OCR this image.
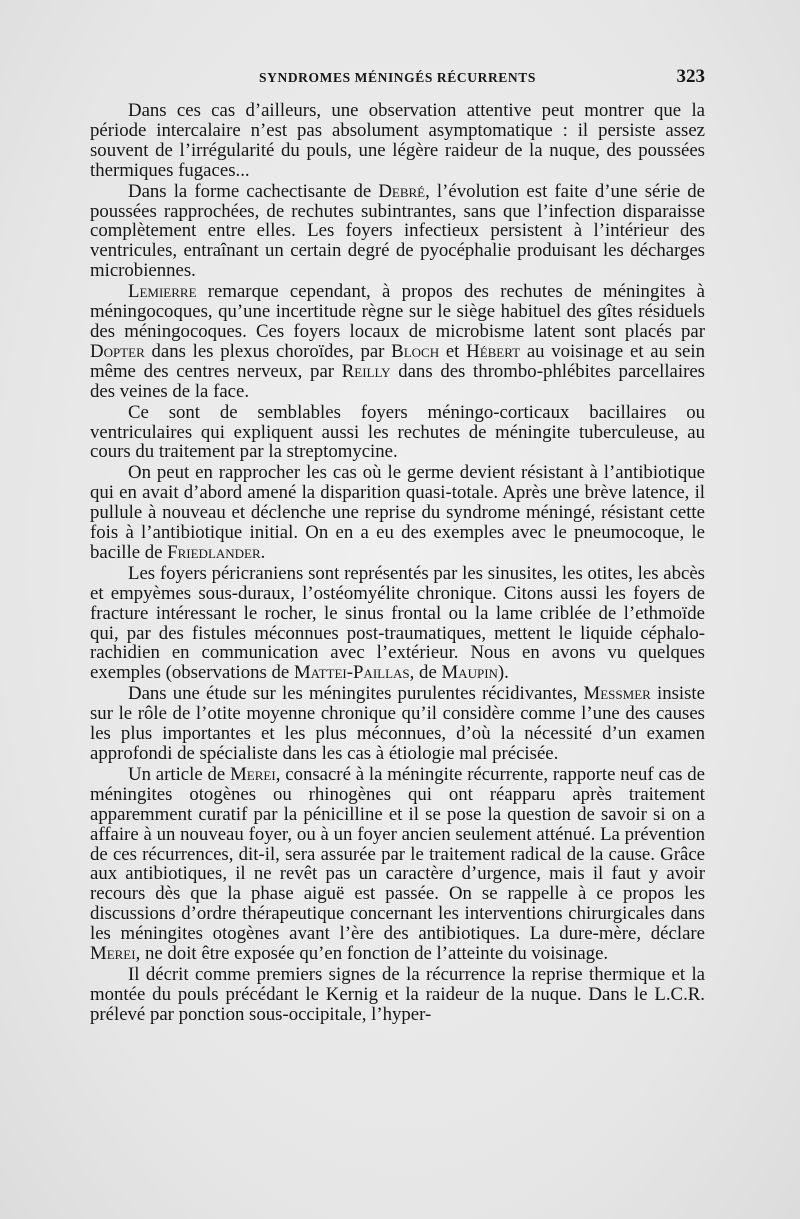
SYNDROMES MÉNINGÉS RÉCURRENTS	323

Dans ces cas d’ailleurs, une observation attentive peut montrer que la période intercalaire n’est pas absolument asymptomatique : il persiste assez souvent de l’irrégularité du pouls, une légère raideur de la nuque, des poussées thermiques fugaces...

Dans la forme cachectisante de Debré, l’évolution est faite d’une série de poussées rapprochées, de rechutes subintrantes, sans que l’infection disparaisse complètement entre elles. Les foyers infectieux persistent à l’intérieur des ventricules, entraînant un certain degré de pyocéphalie produisant les décharges microbiennes.

Lemierre remarque cependant, à propos des rechutes de méningites à méningocoques, qu’une incertitude règne sur le siège habituel des gîtes résiduels des méningocoques. Ces foyers locaux de microbisme latent sont placés par Dopter dans les plexus choroïdes, par Bloch et Hébert au voisinage et au sein même des centres nerveux, par Reilly dans des thrombo-phlébites parcellaires des veines de la face.

Ce sont de semblables foyers méningo-corticaux bacillaires ou ventriculaires qui expliquent aussi les rechutes de méningite tuberculeuse, au cours du traitement par la streptomycine.

On peut en rapprocher les cas où le germe devient résistant à l’antibiotique qui en avait d’abord amené la disparition quasi-totale. Après une brève latence, il pullule à nouveau et déclenche une reprise du syndrome méningé, résistant cette fois à l’antibiotique initial. On en a eu des exemples avec le pneumocoque, le bacille de Friedlander.

Les foyers péricraniens sont représentés par les sinusites, les otites, les abcès et empyèmes sous-duraux, l’ostéomyélite chronique. Citons aussi les foyers de fracture intéressant le rocher, le sinus frontal ou la lame criblée de l’ethmoïde qui, par des fistules méconnues post-traumatiques, mettent le liquide céphalo-rachidien en communication avec l’extérieur. Nous en avons vu quelques exemples (observations de Mattei-Paillas, de Maupin).

Dans une étude sur les méningites purulentes récidivantes, Messmer insiste sur le rôle de l’otite moyenne chronique qu’il considère comme l’une des causes les plus importantes et les plus méconnues, d’où la nécessité d’un examen approfondi de spécialiste dans les cas à étiologie mal précisée.

Un article de Merei, consacré à la méningite récurrente, rapporte neuf cas de méningites otogènes ou rhinogènes qui ont réapparu après traitement apparemment curatif par la pénicilline et il se pose la question de savoir si on a affaire à un nouveau foyer, ou à un foyer ancien seulement atténué. La prévention de ces récurrences, dit-il, sera assurée par le traitement radical de la cause. Grâce aux antibiotiques, il ne revêt pas un caractère d’urgence, mais il faut y avoir recours dès que la phase aiguë est passée. On se rappelle à ce propos les discussions d’ordre thérapeutique concernant les interventions chirurgicales dans les méningites otogènes avant l’ère des antibiotiques. La dure-mère, déclare Merei, ne doit être exposée qu’en fonction de l’atteinte du voisinage.

Il décrit comme premiers signes de la récurrence la reprise thermique et la montée du pouls précédant le Kernig et la raideur de la nuque. Dans le L.C.R. prélevé par ponction sous-occipitale, l’hyper-
